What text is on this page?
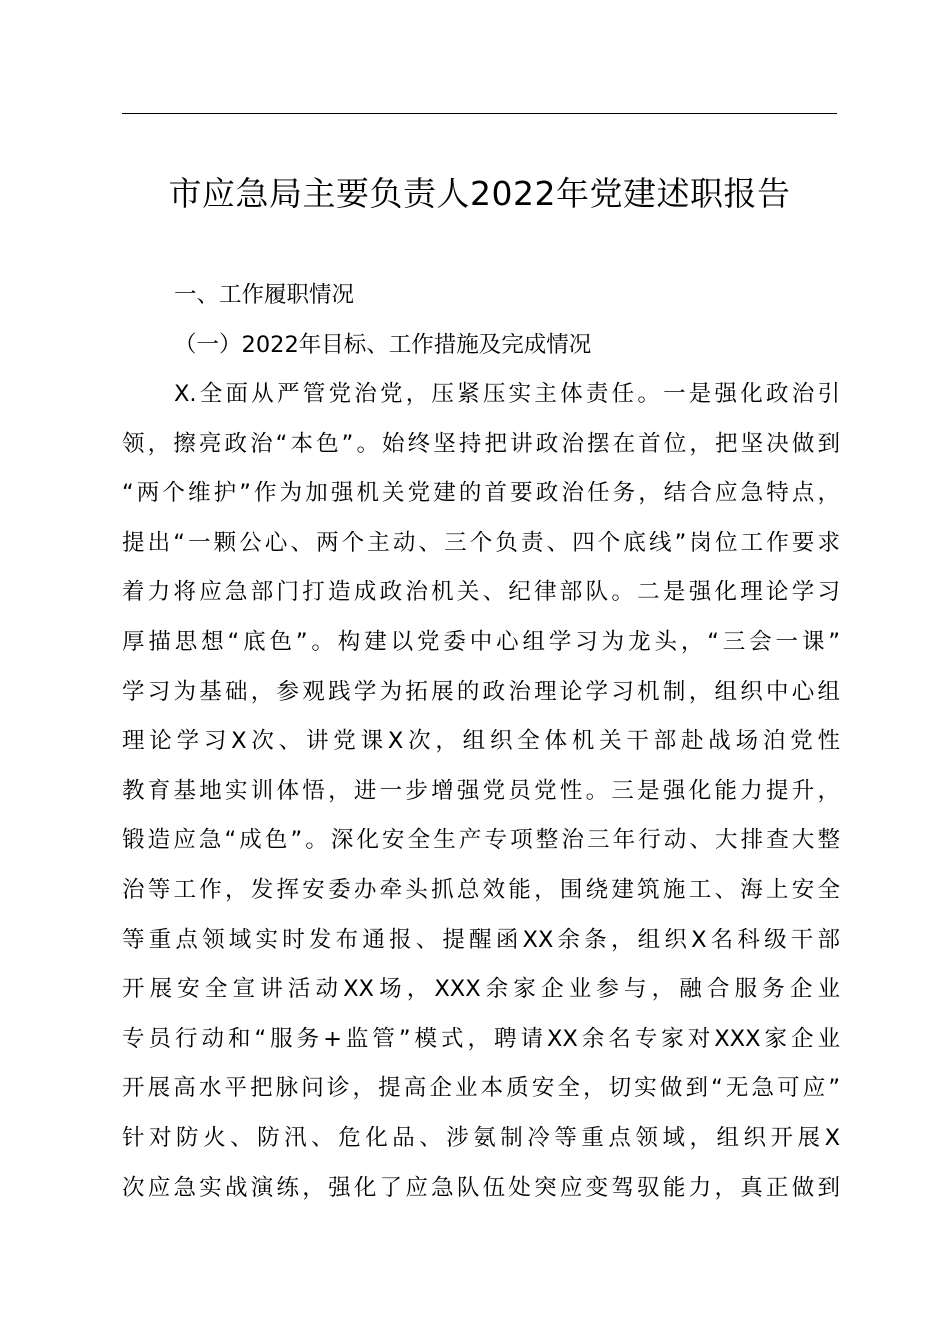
市应急局主要负责人2022年党建述职报告
一、工作履职情况
（一）2022年目标、工作措施及完成情况
X.全面从严管党治党，压紧压实主体责任。一是强化政治引
领，擦亮政治“本色”。始终坚持把讲政治摆在首位，把坚决做到
“两个维护”作为加强机关党建的首要政治任务，结合应急特点，
提出“一颗公心、两个主动、三个负责、四个底线”岗位工作要求
着力将应急部门打造成政治机关、纪律部队。二是强化理论学习
厚描思想“底色”。构建以党委中心组学习为龙头，“三会一课”
学习为基础，参观践学为拓展的政治理论学习机制，组织中心组
理论学习X次、讲党课X次，组织全体机关干部赴战场泊党性
教育基地实训体悟，进一步增强党员党性。三是强化能力提升，
锻造应急“成色”。深化安全生产专项整治三年行动、大排查大整
治等工作，发挥安委办牵头抓总效能，围绕建筑施工、海上安全
等重点领域实时发布通报、提醒函XX余条，组织X名科级干部
开展安全宣讲活动XX场，XXX余家企业参与，融合服务企业
专员行动和“服务+监管”模式，聘请XX余名专家对XXX家企业
开展高水平把脉问诊，提高企业本质安全，切实做到“无急可应”
针对防火、防汛、危化品、涉氨制冷等重点领域，组织开展X
次应急实战演练，强化了应急队伍处突应变驾驭能力，真正做到
